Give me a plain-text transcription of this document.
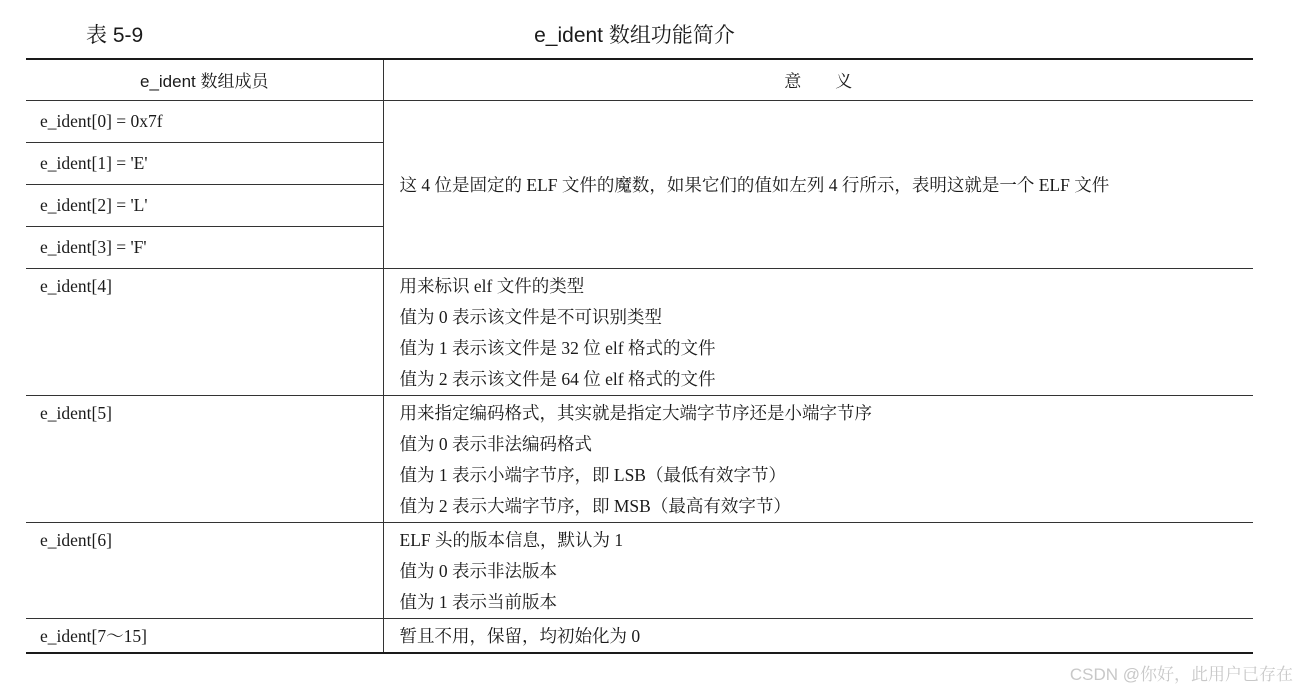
表 5-9	e_ident 数组功能简介
e_ident 数组成员	意　　义
e_ident[0] = 0x7f	这 4 位是固定的 ELF 文件的魔数，如果它们的值如左列 4 行所示，表明这就是一个 ELF 文件
e_ident[1] = 'E'	
e_ident[2] = 'L'	
e_ident[3] = 'F'	
e_ident[4]	用来标识 elf 文件的类型
值为 0 表示该文件是不可识别类型
值为 1 表示该文件是 32 位 elf 格式的文件
值为 2 表示该文件是 64 位 elf 格式的文件

e_ident[5]	用来指定编码格式，其实就是指定大端字节序还是小端字节序
值为 0 表示非法编码格式
值为 1 表示小端字节序，即 LSB（最低有效字节）
值为 2 表示大端字节序，即 MSB（最高有效字节）

e_ident[6]	ELF 头的版本信息，默认为 1
值为 0 表示非法版本
值为 1 表示当前版本

e_ident[7～15]	暂且不用，保留，均初始化为 0
CSDN @你好，此用户已存在
